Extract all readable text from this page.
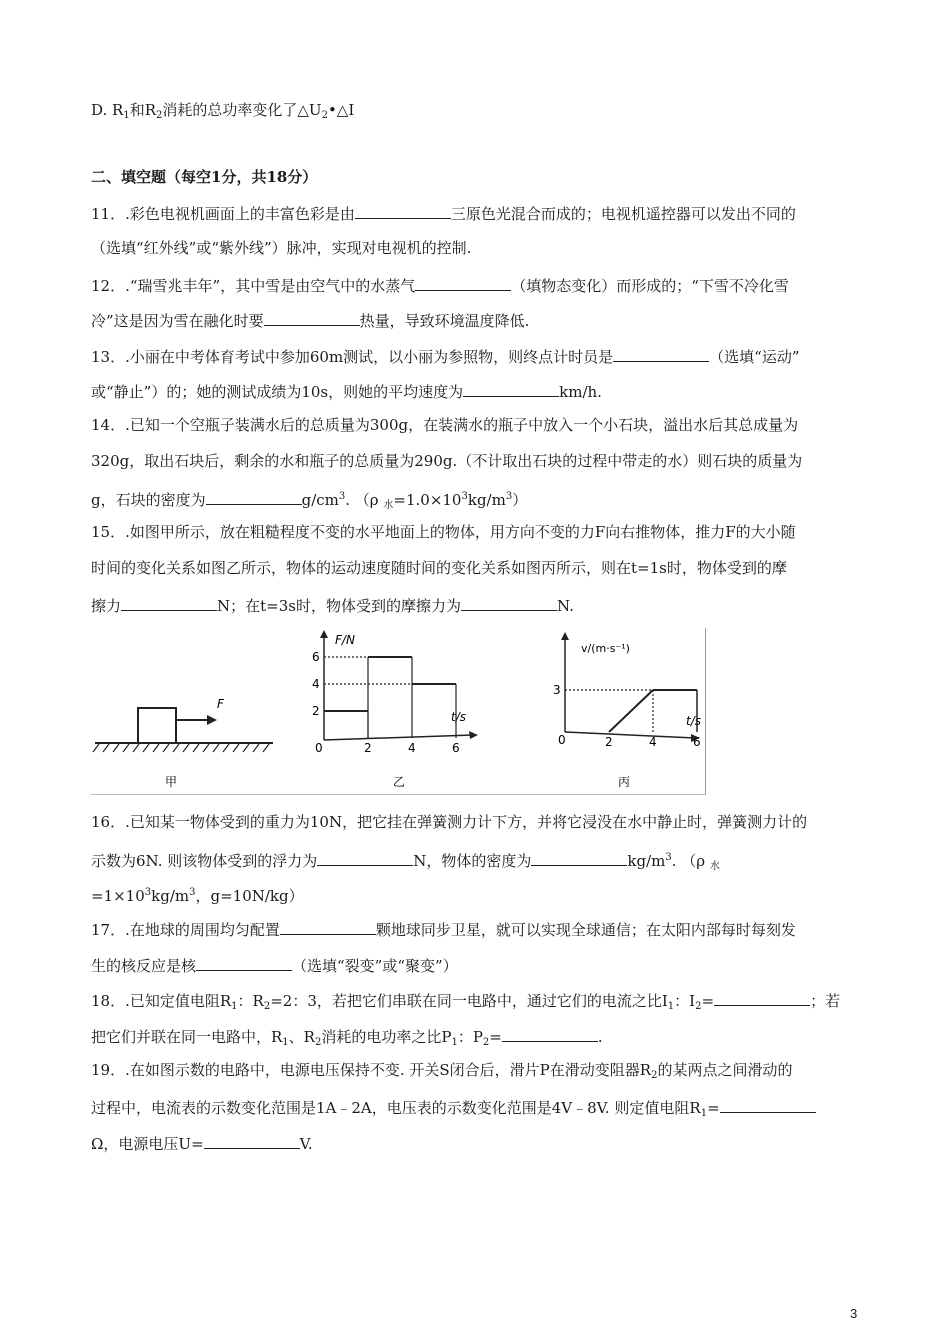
D. $R_1$和$R_2$消耗的总功率变化了$\triangle U_2•\triangle I$
二、填空题（每空1分，共18分）
11．.彩色电视机画面上的丰富色彩是由	三原色光混合而成的；电视机遥控器可以发出不同的
（选填“红外线”或“紫外线”）脉冲，实现对电视机的控制.
12．.“瑞雪兆丰年”，其中雪是由空气中的水蒸气	（填物态变化）而形成的；“下雪不冷化雪
冷”这是因为雪在融化时要	热量，导致环境温度降低.
13．.小丽在中考体育考试中参加60m测试，以小丽为参照物，则终点计时员是	（选填“运动”
或“静止”）的；她的测试成绩为10s，则她的平均速度为	km/h.
14．.已知一个空瓶子装满水后的总质量为300g，在装满水的瓶子中放入一个小石块，溢出水后其总成量为
320g，取出石块后，剩余的水和瓶子的总质量为290g.（不计取出石块的过程中带走的水）则石块的质量为
g，石块的密度为	$g/cm^3$. （ρ $_水=1.0\times 10^3kg/m^3$）
15．.如图甲所示，放在粗糙程度不变的水平地面上的物体，用方向不变的力F向右推物体，推力F的大小随
时间的变化关系如图乙所示，物体的运动速度随时间的变化关系如图丙所示，则在t=1s时，物体受到的摩
擦力	N；在t=3s时，物体受到的摩擦力为	N.
F
甲
F/N
t/s
0
6
4
2
2	4	6
乙
v/(m·s⁻¹)
t/s
0
3
2	4	6
丙
16．.已知某一物体受到的重力为10N，把它挂在弹簧测力计下方，并将它浸没在水中静止时，弹簧测力计的
示数为6N. 则该物体受到的浮力为	N，物体的密度为	$kg/m^3$. （ρ $_水$
$=1\times 10^3kg/m^3$，g=10N/kg）
17．.在地球的周围均匀配置	颗地球同步卫星，就可以实现全球通信；在太阳内部每时每刻发
生的核反应是核	（选填“裂变”或“聚变”）
18．.已知定值电阻$R_1$：$R_2=2$：3，若把它们串联在同一电路中，通过它们的电流之比$I_1$：$I_2=$	；若
把它们并联在同一电路中，$R_1$、$R_2$消耗的电功率之比$P_1$：$P_2=$	.
19．.在如图示数的电路中，电源电压保持不变. 开关S闭合后，滑片P在滑动变阻器$R_2$的某两点之间滑动的
过程中，电流表的示数变化范围是1A﹣2A，电压表的示数变化范围是4V﹣8V. 则定值电阻$R_1=$
Ω，电源电压U=	V.
3
